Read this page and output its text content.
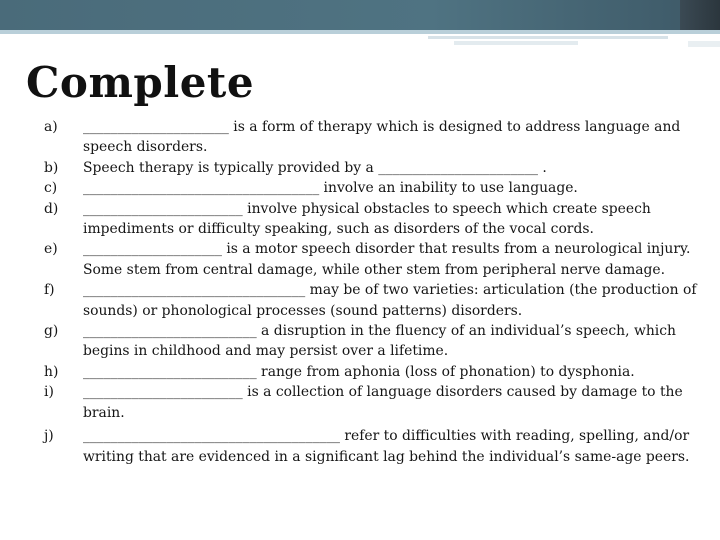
Complete
a)	_____________________ is a form of therapy which is designed to address language and speech disorders.
b)	Speech therapy is typically provided by a _______________________ .
c)	__________________________________ involve an inability to use language.
d)	_______________________ involve physical obstacles to speech which create speech impediments or difficulty speaking, such as disorders of the vocal cords.
e)	____________________ is a motor speech disorder that results from a neurological injury. Some stem from central damage, while other stem from peripheral nerve damage.
f)	________________________________ may be of two varieties: articulation (the production of sounds) or phonological processes (sound patterns) disorders.
g)	_________________________ a disruption in the fluency of an individual’s speech, which begins in childhood and may persist over a lifetime.
h)	_________________________ range from aphonia (loss of phonation) to dysphonia.
i)	_______________________ is a collection of language disorders caused by damage to the brain.
j)	_____________________________________ refer to difficulties with reading, spelling, and/or writing that are evidenced in a significant lag behind the individual’s same-age peers.
